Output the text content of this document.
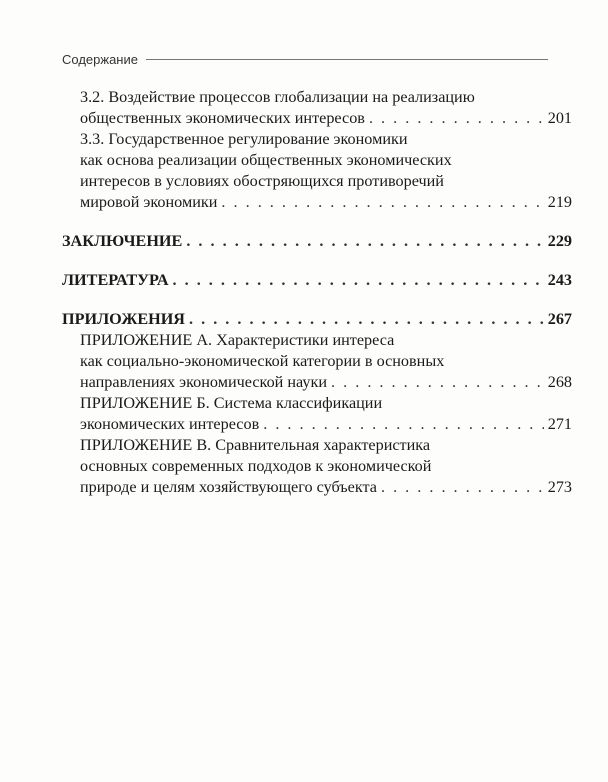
Содержание
3.2. Воздействие процессов глобализации на реализацию
общественных экономических интересов . . .	201
3.3. Государственное регулирование экономики
как основа реализации общественных экономических
интересов в условиях обостряющихся противоречий
мировой экономики . . .	219
ЗАКЛЮЧЕНИЕ . . .	229
ЛИТЕРАТУРА . . .	243
ПРИЛОЖЕНИЯ . . .	267
ПРИЛОЖЕНИЕ А. Характеристики интереса
как социально-экономической категории в основных
направлениях экономической науки . . .	268
ПРИЛОЖЕНИЕ Б. Система классификации
экономических интересов . . .	271
ПРИЛОЖЕНИЕ В. Сравнительная характеристика
основных современных подходов к экономической
природе и целям хозяйствующего субъекта . . .	273
